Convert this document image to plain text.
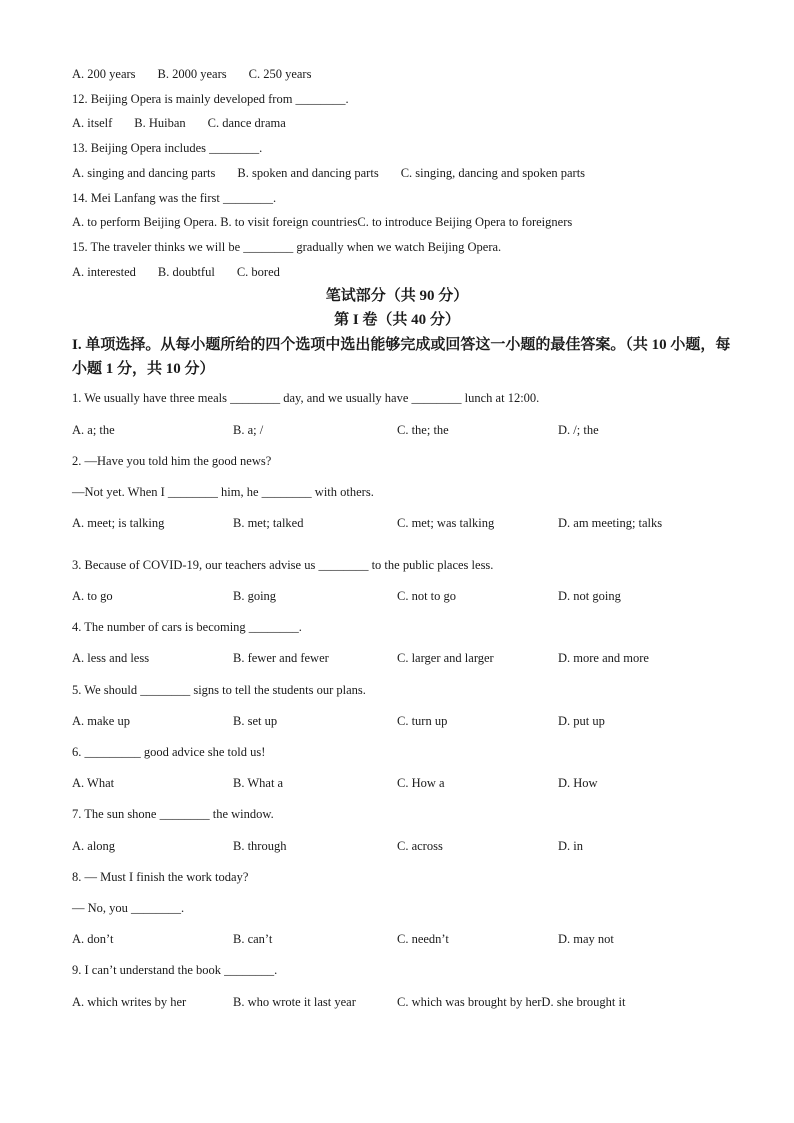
A. 200 years B. 2000 years C. 250 years
12. Beijing Opera is mainly developed from ________.
A. itself B. Huiban C. dance drama
13. Beijing Opera includes ________.
A. singing and dancing parts B. spoken and dancing parts C. singing, dancing and spoken parts
14. Mei Lanfang was the first ________.
A. to perform Beijing Opera. B. to visit foreign countriesC. to introduce Beijing Opera to foreigners
15. The traveler thinks we will be ________ gradually when we watch Beijing Opera.
A. interested B. doubtful C. bored
笔试部分（共 90 分）
第 I 卷（共 40 分）
I. 单项选择。从每小题所给的四个选项中选出能够完成或回答这一小题的最佳答案。（共 10 小题，每小题 1 分，共 10 分）
1. We usually have three meals ________ day, and we usually have ________ lunch at 12:00.
A. a; the	B. a; /	C. the; the	D. /; the
2. —Have you told him the good news?
—Not yet. When I ________ him, he ________ with others.
A. meet; is talking	B. met; talked	C. met; was talking	D. am meeting; talks
3. Because of COVID-19, our teachers advise us ________ to the public places less.
A. to go	B. going	C. not to go	D. not going
4. The number of cars is becoming ________.
A. less and less	B. fewer and fewer	C. larger and larger	D. more and more
5. We should ________ signs to tell the students our plans.
A. make up	B. set up	C. turn up	D. put up
6. _________ good advice she told us!
A. What	B. What a	C. How a	D. How
7. The sun shone ________ the window.
A. along	B. through	C. across	D. in
8. — Must I finish the work today?
— No, you ________.
A. don’t	B. can’t	C. needn’t	D. may not
9. I can’t understand the book ________.
A. which writes by her	B. who wrote it last year	C. which was brought by herD. she brought it
